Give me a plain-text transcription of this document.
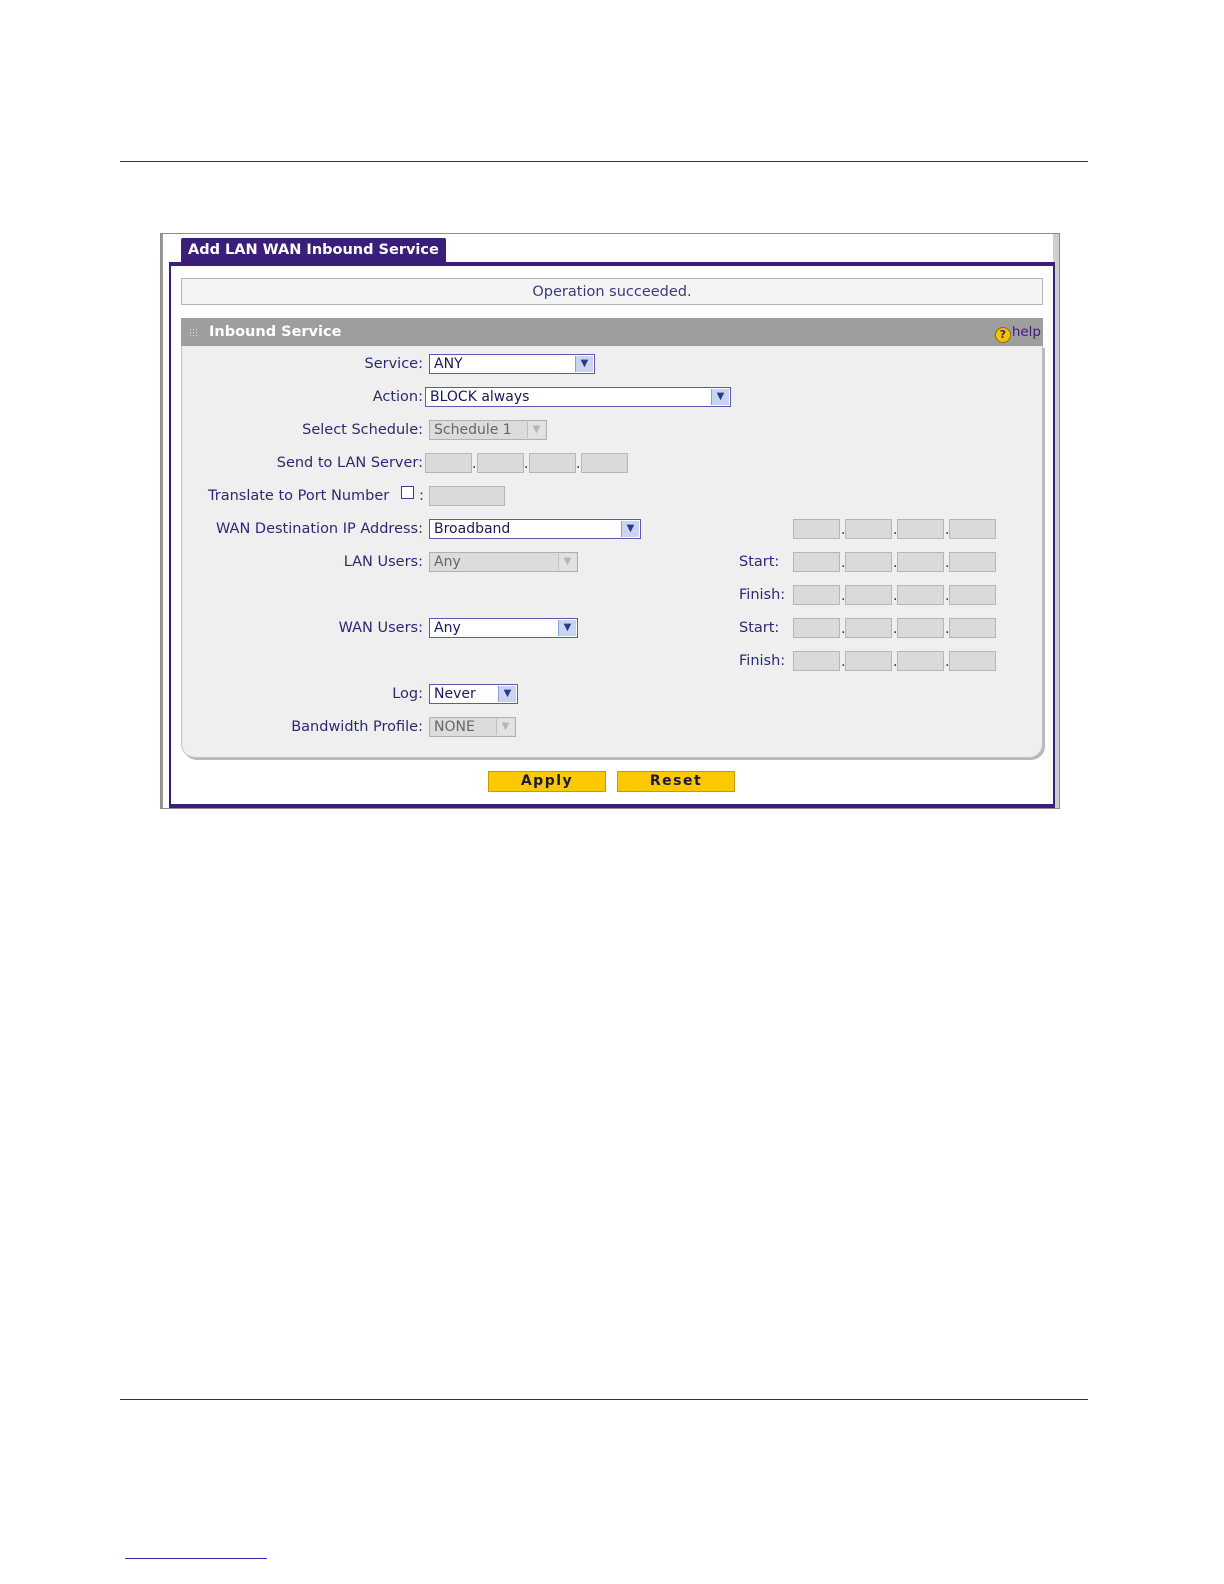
Add LAN WAN Inbound Service
Operation succeeded.
Inbound Service	? help
Service: ANY	▼
Action: BLOCK always	▼
Select Schedule: Schedule 1	▼
Send to LAN Server:	.	.	.
Translate to Port Number :
WAN Destination IP Address: Broadband	▼	.	.	.
LAN Users: Any	▼	Start:	.	.	.
Finish:	.	.	.
WAN Users: Any	▼	Start:	.	.	.
Finish:	.	.	.
Log: Never	▼
Bandwidth Profile: NONE	▼
Apply	Reset
